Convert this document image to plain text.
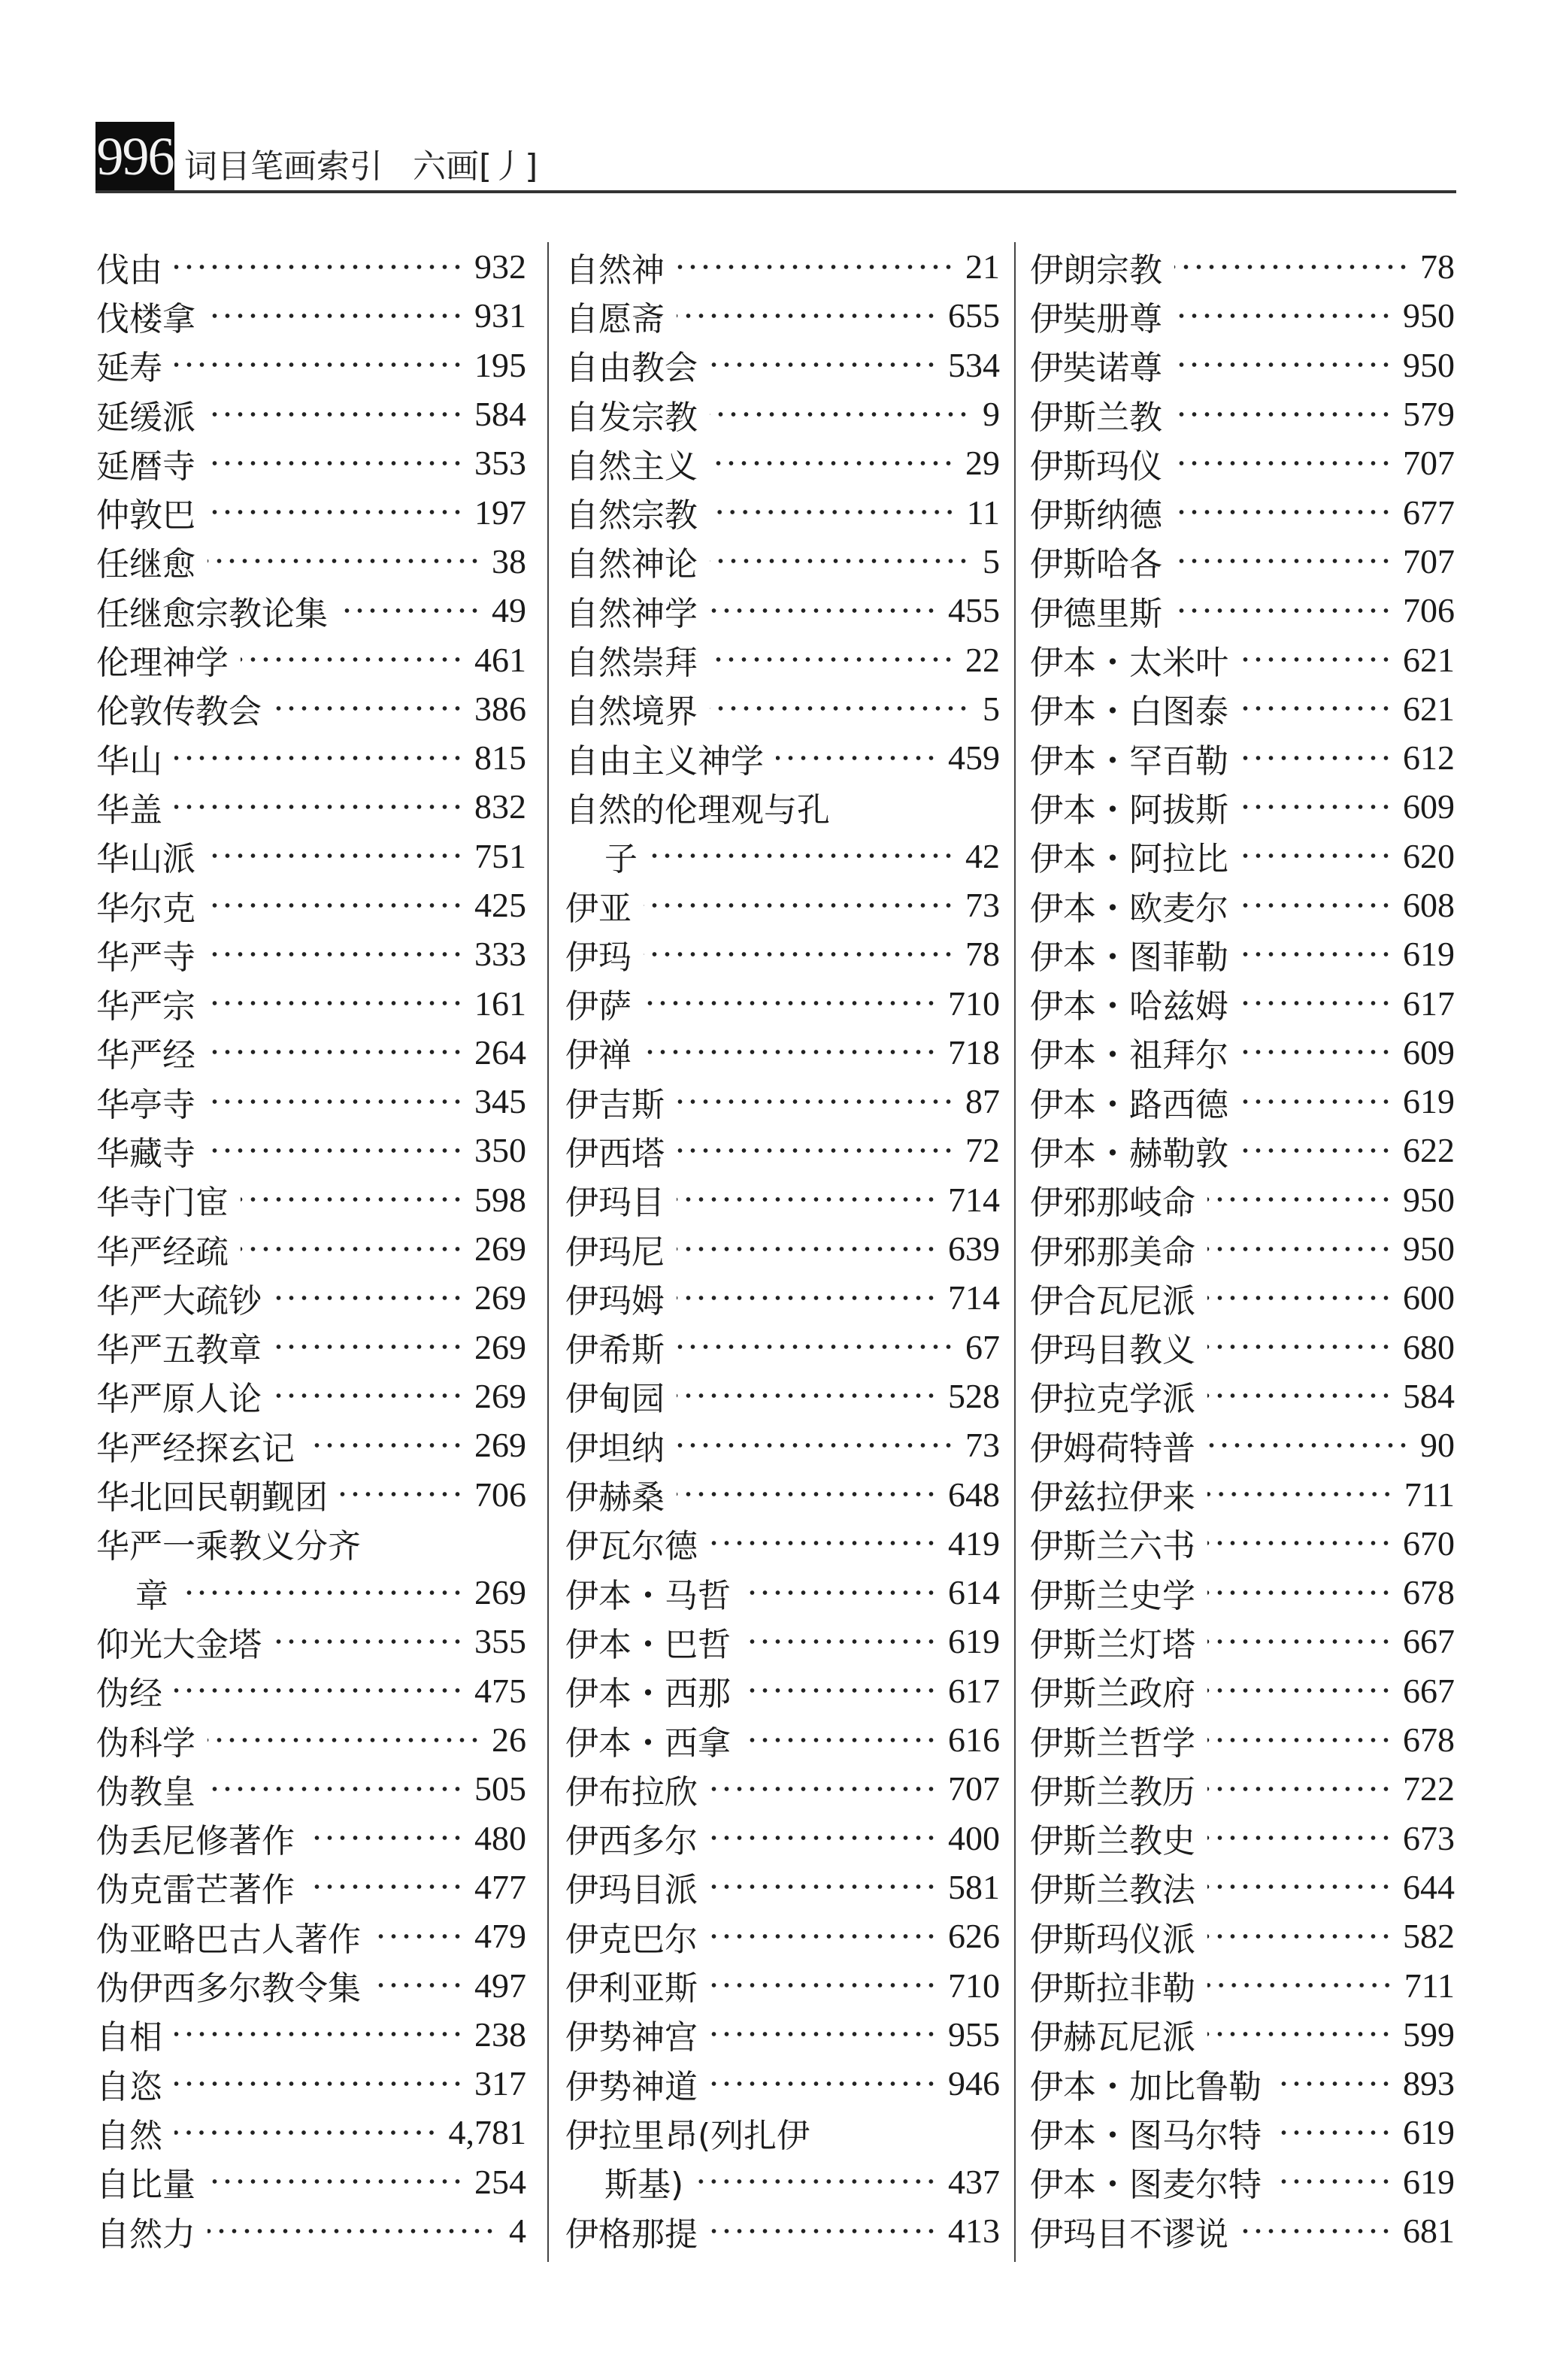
996 词目笔画索引 六画[丿]
伐由	932
伐楼拿	931
延寿	195
延缓派	584
延暦寺	353
仲敦巴	197
任继愈	38
任继愈宗教论集	49
伦理神学	461
伦敦传教会	386
华山	815
华盖	832
华山派	751
华尔克	425
华严寺	333
华严宗	161
华严经	264
华亭寺	345
华藏寺	350
华寺门宦	598
华严经疏	269
华严大疏钞	269
华严五教章	269
华严原人论	269
华严经探玄记	269
华北回民朝觐团	706
华严一乘教义分齐
章	269
仰光大金塔	355
伪经	475
伪科学	26
伪教皇	505
伪丢尼修著作	480
伪克雷芒著作	477
伪亚略巴古人著作	479
伪伊西多尔教令集	497
自相	238
自恣	317
自然	4,781
自比量	254
自然力	4
自然神	21
自愿斋	655
自由教会	534
自发宗教	9
自然主义	29
自然宗教	11
自然神论	5
自然神学	455
自然崇拜	22
自然境界	5
自由主义神学	459
自然的伦理观与孔
子	42
伊亚	73
伊玛	78
伊萨	710
伊禅	718
伊吉斯	87
伊西塔	72
伊玛目	714
伊玛尼	639
伊玛姆	714
伊希斯	67
伊甸园	528
伊坦纳	73
伊赫桑	648
伊瓦尔德	419
伊本・马哲	614
伊本・巴哲	619
伊本・西那	617
伊本・西拿	616
伊布拉欣	707
伊西多尔	400
伊玛目派	581
伊克巴尔	626
伊利亚斯	710
伊势神宫	955
伊势神道	946
伊拉里昂(列扎伊
斯基)	437
伊格那提	413
伊朗宗教	78
伊奘册尊	950
伊奘诺尊	950
伊斯兰教	579
伊斯玛仪	707
伊斯纳德	677
伊斯哈各	707
伊德里斯	706
伊本・太米叶	621
伊本・白图泰	621
伊本・罕百勒	612
伊本・阿拔斯	609
伊本・阿拉比	620
伊本・欧麦尔	608
伊本・图菲勒	619
伊本・哈兹姆	617
伊本・祖拜尔	609
伊本・路西德	619
伊本・赫勒敦	622
伊邪那岐命	950
伊邪那美命	950
伊合瓦尼派	600
伊玛目教义	680
伊拉克学派	584
伊姆荷特普	90
伊兹拉伊来	711
伊斯兰六书	670
伊斯兰史学	678
伊斯兰灯塔	667
伊斯兰政府	667
伊斯兰哲学	678
伊斯兰教历	722
伊斯兰教史	673
伊斯兰教法	644
伊斯玛仪派	582
伊斯拉非勒	711
伊赫瓦尼派	599
伊本・加比鲁勒	893
伊本・图马尔特	619
伊本・图麦尔特	619
伊玛目不谬说	681
